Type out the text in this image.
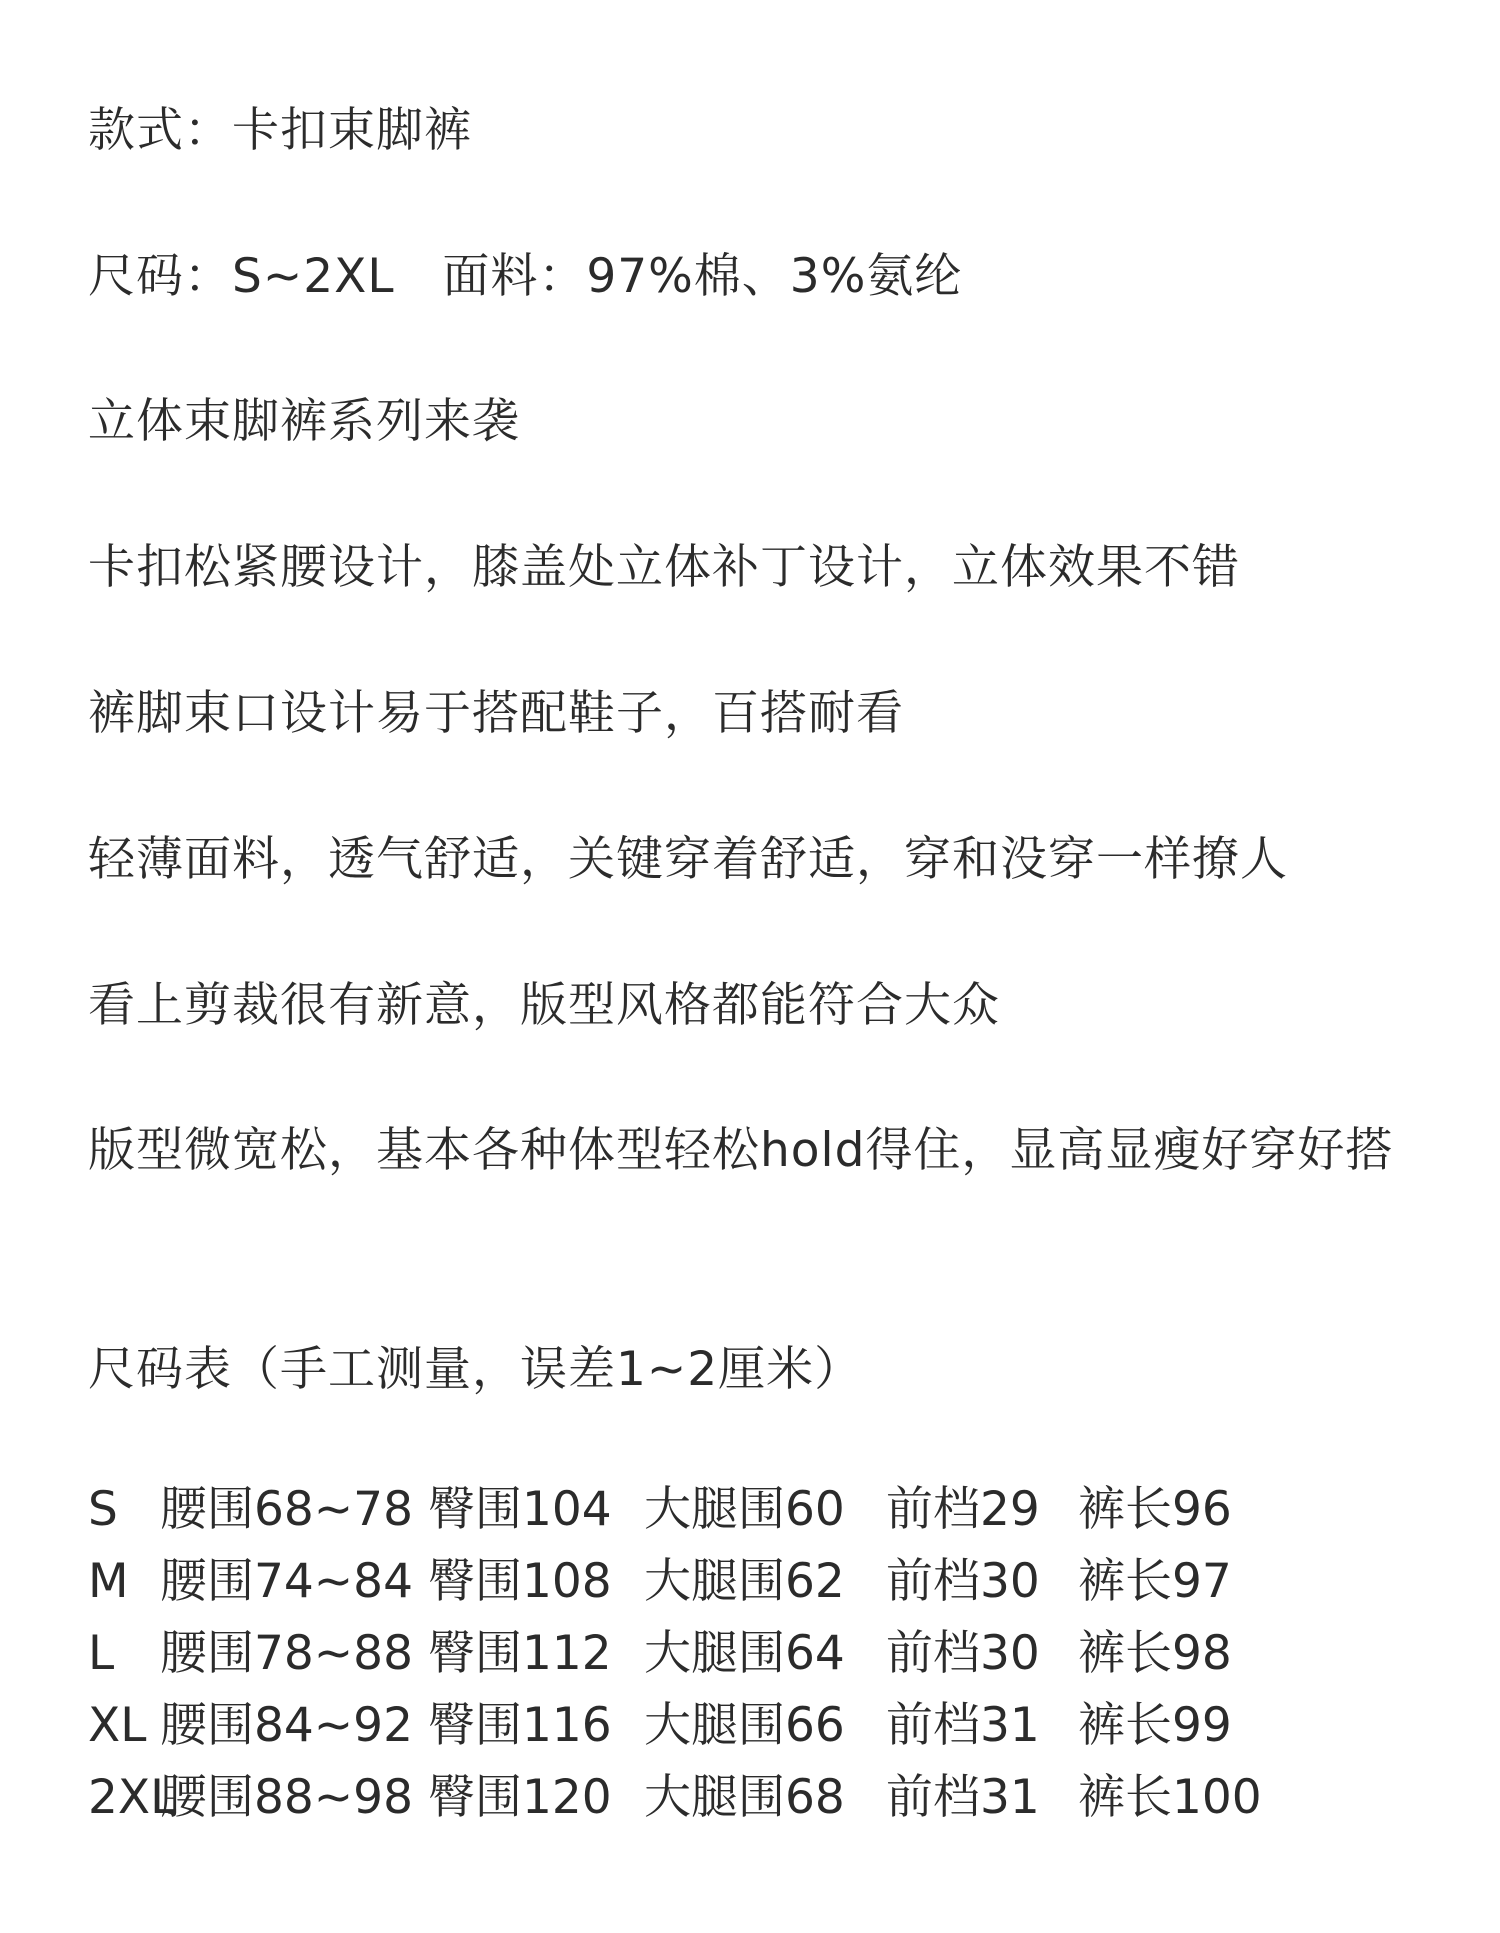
款式：卡扣束脚裤
尺码：S~2XL   面料：97%棉、3%氨纶
立体束脚裤系列来袭
卡扣松紧腰设计，膝盖处立体补丁设计，立体效果不错
裤脚束口设计易于搭配鞋子，百搭耐看
轻薄面料，透气舒适，关键穿着舒适，穿和没穿一样撩人
看上剪裁很有新意，版型风格都能符合大众
版型微宽松，基本各种体型轻松hold得住，显高显瘦好穿好搭
尺码表（手工测量，误差1~2厘米）
S 腰围68~78 臀围104 大腿围60 前档29 裤长96
M 腰围74~84 臀围108 大腿围62 前档30 裤长97
L 腰围78~88 臀围112 大腿围64 前档30 裤长98
XL 腰围84~92 臀围116 大腿围66 前档31 裤长99
2XL
腰围88~98 臀围120 大腿围68 前档31 裤长100
